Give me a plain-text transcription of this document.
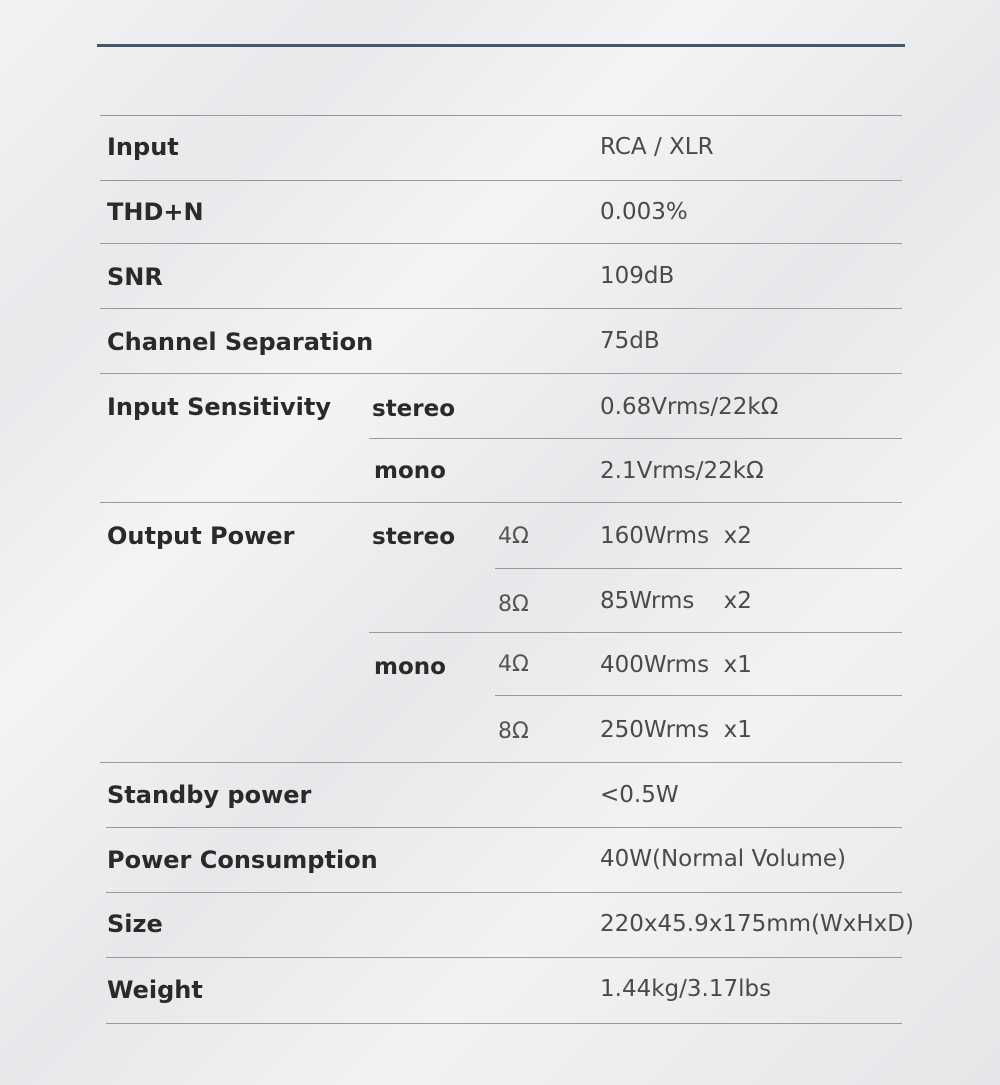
Input	RCA / XLR
THD+N	0.003%
SNR	109dB
Channel Separation	75dB
Input Sensitivity stereo	0.68Vrms/22kΩ
mono	2.1Vrms/22kΩ
Output Power	stereo 4Ω	160Wrms  x2
8Ω	85Wrms    x2
mono 4Ω	400Wrms  x1
8Ω	250Wrms  x1
Standby power	<0.5W
Power Consumption	40W(Normal Volume)
Size	220x45.9x175mm(WxHxD)
Weight	1.44kg/3.17lbs
